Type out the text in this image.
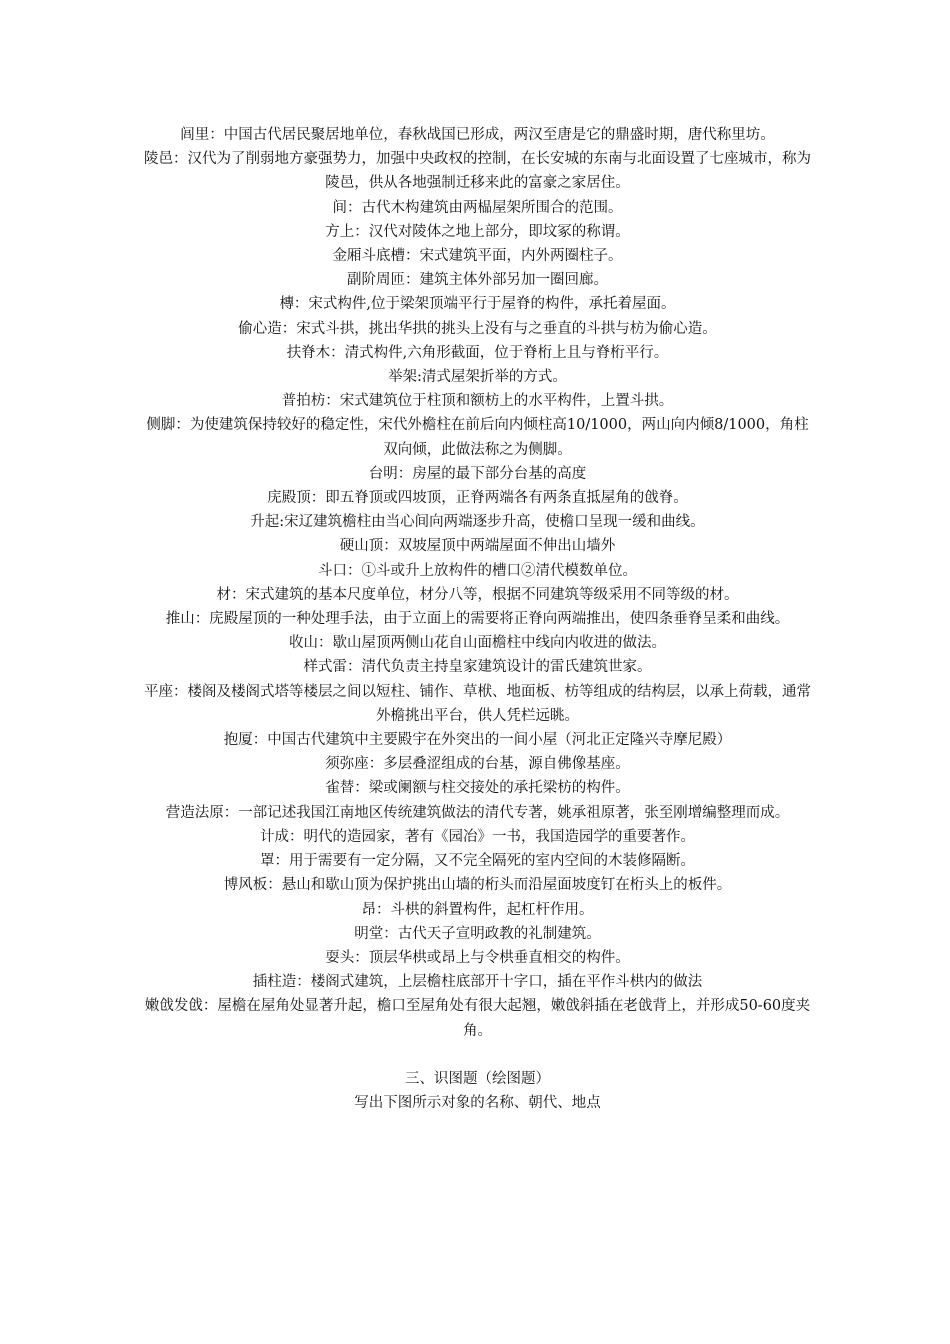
闾里：中国古代居民聚居地单位，春秋战国已形成，两汉至唐是它的鼎盛时期，唐代称里坊。

陵邑：汉代为了削弱地方豪强势力，加强中央政权的控制，在长安城的东南与北面设置了七座城市，称为陵邑，供从各地强制迁移来此的富豪之家居住。

间：古代木构建筑由两榀屋架所围合的范围。

方上：汉代对陵体之地上部分，即坟冢的称谓。

金厢斗底槽：宋式建筑平面，内外两圈柱子。

副阶周匝：建筑主体外部另加一圈回廊。

槫：宋式构件,位于梁架顶端平行于屋脊的构件，承托着屋面。

偷心造：宋式斗拱，挑出华拱的挑头上没有与之垂直的斗拱与枋为偷心造。

扶脊木：清式构件,六角形截面，位于脊桁上且与脊桁平行。

举架:清式屋架折举的方式。

普拍枋：宋式建筑位于柱顶和额枋上的水平构件，上置斗拱。

侧脚：为使建筑保持较好的稳定性，宋代外檐柱在前后向内倾柱高10/1000，两山向内倾8/1000，角柱双向倾，此做法称之为侧脚。

台明：房屋的最下部分台基的高度

庑殿顶：即五脊顶或四坡顶，正脊两端各有两条直抵屋角的戗脊。

升起:宋辽建筑檐柱由当心间向两端逐步升高，使檐口呈现一缓和曲线。

硬山顶：双坡屋顶中两端屋面不伸出山墙外

斗口：①斗或升上放构件的槽口②清代模数单位。

材：宋式建筑的基本尺度单位，材分八等，根据不同建筑等级采用不同等级的材。

推山：庑殿屋顶的一种处理手法，由于立面上的需要将正脊向两端推出，使四条垂脊呈柔和曲线。

收山：歇山屋顶两侧山花自山面檐柱中线向内收进的做法。

样式雷：清代负责主持皇家建筑设计的雷氏建筑世家。

平座：楼阁及楼阁式塔等楼层之间以短柱、铺作、草栿、地面板、枋等组成的结构层，以承上荷载，通常外檐挑出平台，供人凭栏远眺。

抱厦：中国古代建筑中主要殿宇在外突出的一间小屋（河北正定隆兴寺摩尼殿）

须弥座：多层叠涩组成的台基，源自佛像基座。

雀替：梁或阑额与柱交接处的承托梁枋的构件。

营造法原：一部记述我国江南地区传统建筑做法的清代专著，姚承祖原著，张至刚增编整理而成。

计成：明代的造园家，著有《园冶》一书，我国造园学的重要著作。

罩：用于需要有一定分隔，又不完全隔死的室内空间的木装修隔断。

博风板：悬山和歇山顶为保护挑出山墙的桁头而沿屋面坡度钉在桁头上的板件。

昂：斗栱的斜置构件，起杠杆作用。

明堂：古代天子宣明政教的礼制建筑。

耍头：顶层华栱或昂上与令栱垂直相交的构件。

插柱造：楼阁式建筑，上层檐柱底部开十字口，插在平作斗栱内的做法

嫩戗发戗：屋檐在屋角处显著升起，檐口至屋角处有很大起翘，嫩戗斜插在老戗背上，并形成50-60度夹角。

三、识图题（绘图题）

写出下图所示对象的名称、朝代、地点
